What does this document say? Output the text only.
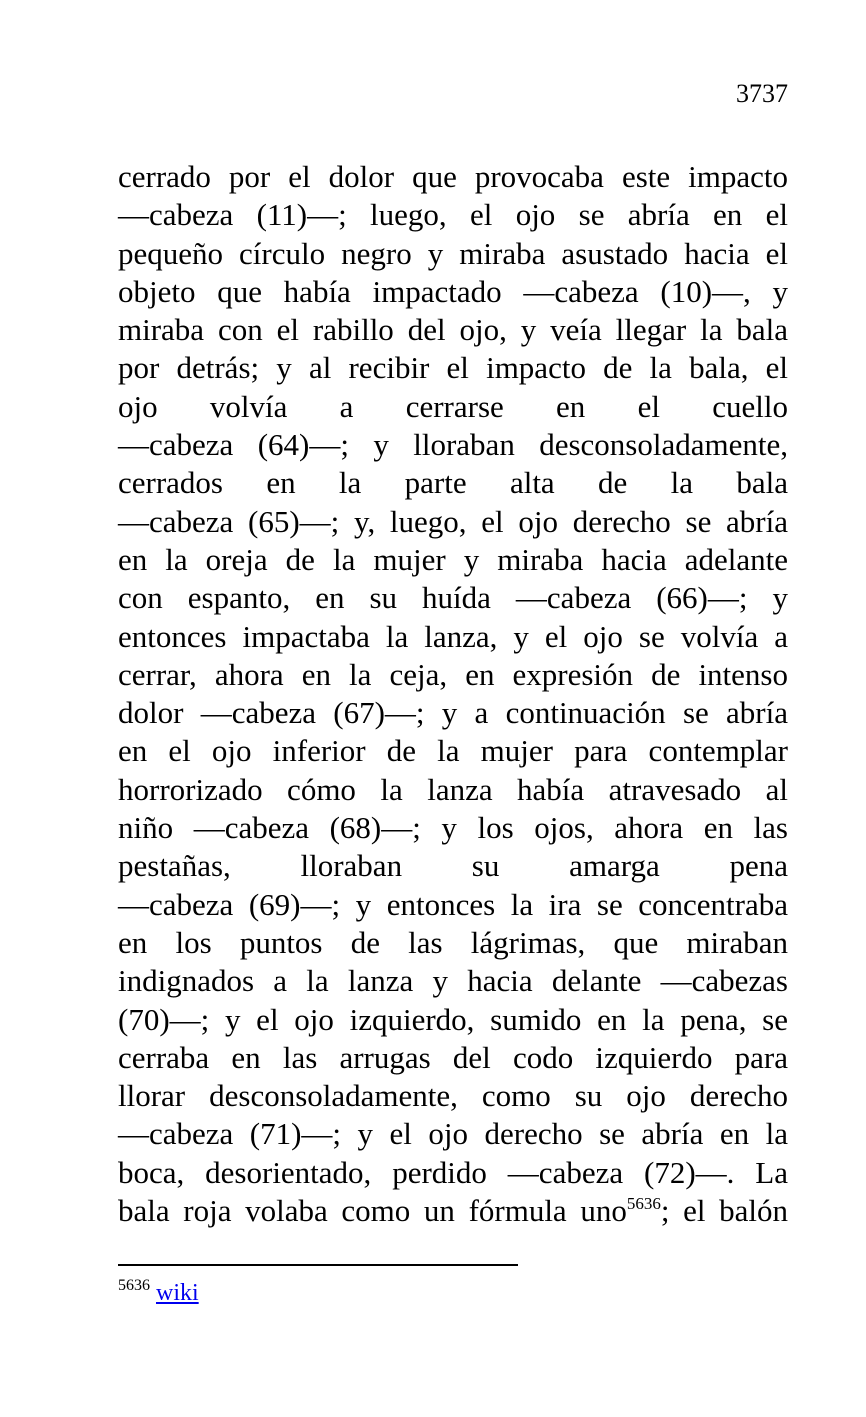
3737
cerrado por el dolor que provocaba este impacto
—cabeza (11)—; luego, el ojo se abría en el
pequeño círculo negro y miraba asustado hacia el
objeto que había impactado —cabeza (10)—, y
miraba con el rabillo del ojo, y veía llegar la bala
por detrás; y al recibir el impacto de la bala, el
ojo volvía a cerrarse en el cuello
—cabeza (64)—; y lloraban desconsoladamente,
cerrados en la parte alta de la bala
—cabeza (65)—; y, luego, el ojo derecho se abría
en la oreja de la mujer y miraba hacia adelante
con espanto, en su huída —cabeza (66)—; y
entonces impactaba la lanza, y el ojo se volvía a
cerrar, ahora en la ceja, en expresión de intenso
dolor —cabeza (67)—; y a continuación se abría
en el ojo inferior de la mujer para contemplar
horrorizado cómo la lanza había atravesado al
niño —cabeza (68)—; y los ojos, ahora en las
pestañas, lloraban su amarga pena
—cabeza (69)—; y entonces la ira se concentraba
en los puntos de las lágrimas, que miraban
indignados a la lanza y hacia delante —cabezas
(70)—; y el ojo izquierdo, sumido en la pena, se
cerraba en las arrugas del codo izquierdo para
llorar desconsoladamente, como su ojo derecho
—cabeza (71)—; y el ojo derecho se abría en la
boca, desorientado, perdido —cabeza (72)—. La
bala roja volaba como un fórmula uno$^{5636}$; el balón
$^{5636}$ wiki
